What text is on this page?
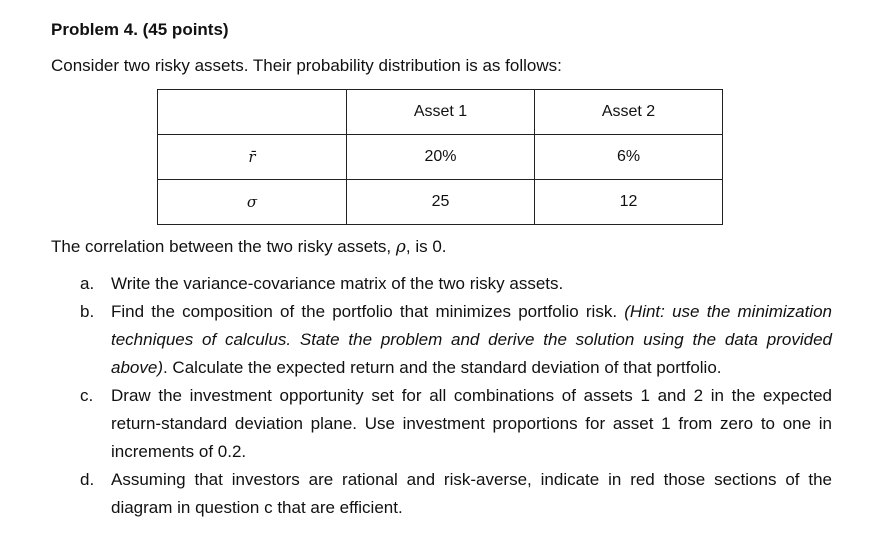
Problem 4. (45 points)
Consider two risky assets. Their probability distribution is as follows:
	Asset 1	Asset 2
r̄	20%	6%
σ	25	12
The correlation between the two risky assets, ρ, is 0.
a. Write the variance-covariance matrix of the two risky assets.
b. Find the composition of the portfolio that minimizes portfolio risk. (Hint: use the minimization techniques of calculus. State the problem and derive the solution using the data provided above). Calculate the expected return and the standard deviation of that portfolio.
c. Draw the investment opportunity set for all combinations of assets 1 and 2 in the expected return-standard deviation plane. Use investment proportions for asset 1 from zero to one in increments of 0.2.
d. Assuming that investors are rational and risk-averse, indicate in red those sections of the diagram in question c that are efficient.
